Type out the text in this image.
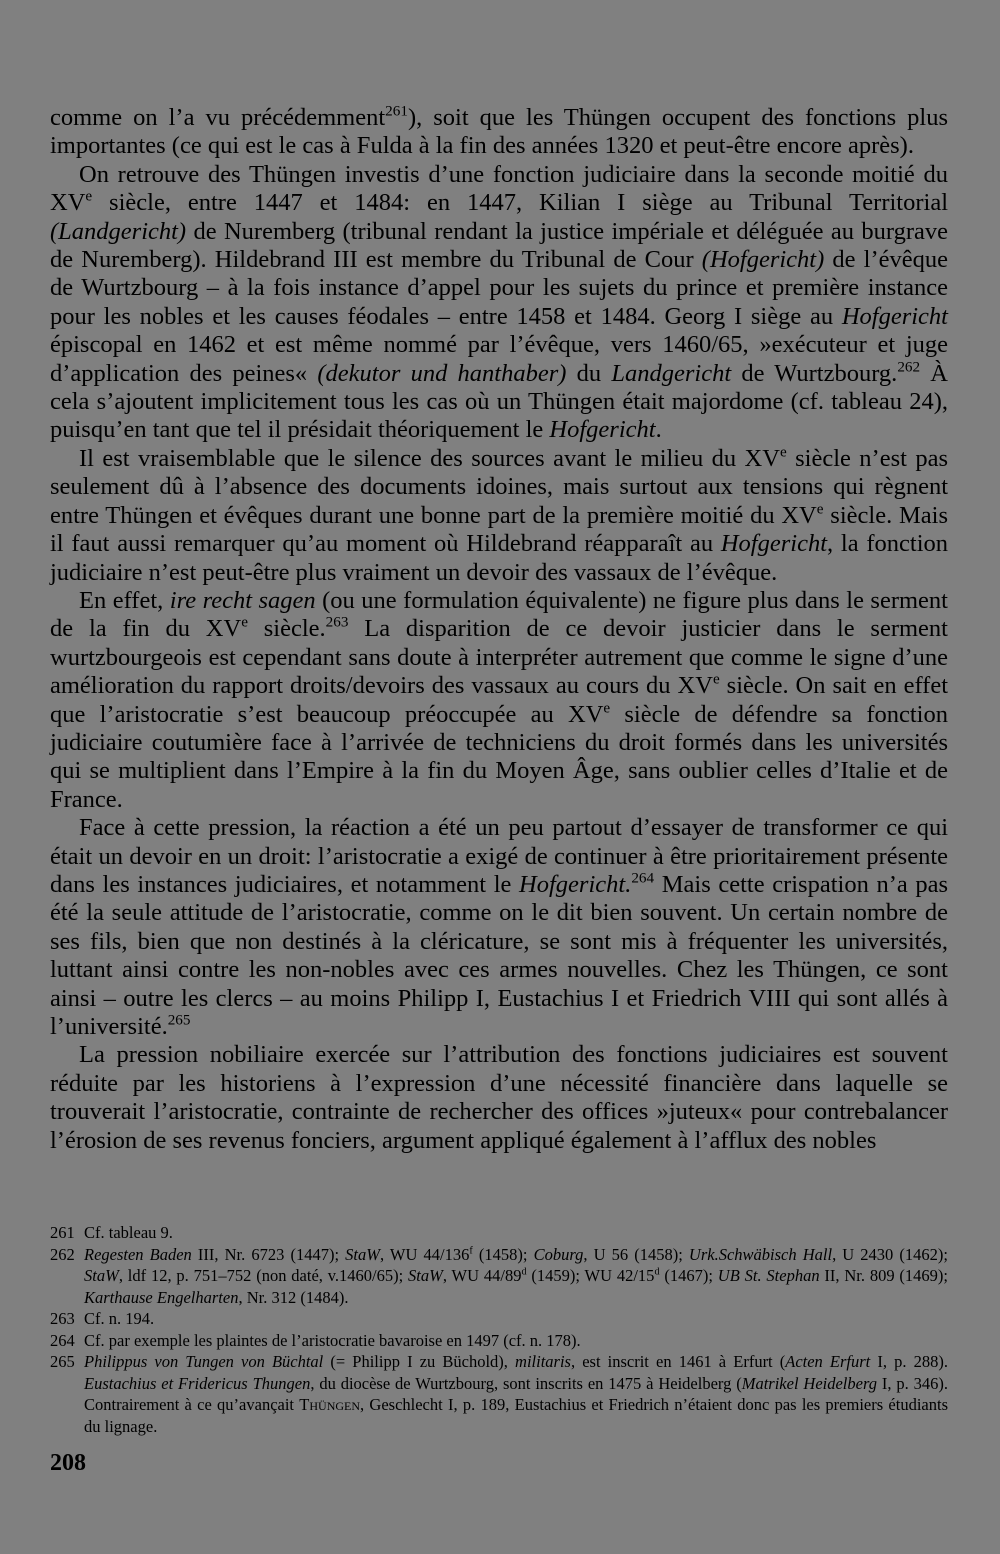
comme on l’a vu précédemment$^{261}$), soit que les Thüngen occupent des fonctions plus importantes (ce qui est le cas à Fulda à la fin des années 1320 et peut-être encore après).

On retrouve des Thüngen investis d’une fonction judiciaire dans la seconde moitié du XVe siècle, entre 1447 et 1484: en 1447, Kilian I siège au Tribunal Territorial (Landgericht) de Nuremberg (tribunal rendant la justice impériale et déléguée au burgrave de Nuremberg). Hildebrand III est membre du Tribunal de Cour (Hofgericht) de l’évêque de Wurtzbourg – à la fois instance d’appel pour les sujets du prince et première instance pour les nobles et les causes féodales – entre 1458 et 1484. Georg I siège au Hofgericht épiscopal en 1462 et est même nommé par l’évêque, vers 1460/65, »exécuteur et juge d’application des peines« (dekutor und hanthaber) du Landgericht de Wurtzbourg.$^{262}$ À cela s’ajoutent implicitement tous les cas où un Thüngen était majordome (cf. tableau 24), puisqu’en tant que tel il présidait théoriquement le Hofgericht.

Il est vraisemblable que le silence des sources avant le milieu du XVe siècle n’est pas seulement dû à l’absence des documents idoines, mais surtout aux tensions qui règnent entre Thüngen et évêques durant une bonne part de la première moitié du XVe siècle. Mais il faut aussi remarquer qu’au moment où Hildebrand réapparaît au Hofgericht, la fonction judiciaire n’est peut-être plus vraiment un devoir des vassaux de l’évêque.

En effet, ire recht sagen (ou une formulation équivalente) ne figure plus dans le serment de la fin du XVe siècle.$^{263}$ La disparition de ce devoir justicier dans le serment wurtzbourgeois est cependant sans doute à interpréter autrement que comme le signe d’une amélioration du rapport droits/devoirs des vassaux au cours du XVe siècle. On sait en effet que l’aristocratie s’est beaucoup préoccupée au XVe siècle de défendre sa fonction judiciaire coutumière face à l’arrivée de techniciens du droit formés dans les universités qui se multiplient dans l’Empire à la fin du Moyen Âge, sans oublier celles d’Italie et de France.

Face à cette pression, la réaction a été un peu partout d’essayer de transformer ce qui était un devoir en un droit: l’aristocratie a exigé de continuer à être prioritairement présente dans les instances judiciaires, et notamment le Hofgericht.$^{264}$ Mais cette crispation n’a pas été la seule attitude de l’aristocratie, comme on le dit bien souvent. Un certain nombre de ses fils, bien que non destinés à la cléricature, se sont mis à fréquenter les universités, luttant ainsi contre les non-nobles avec ces armes nouvelles. Chez les Thüngen, ce sont ainsi – outre les clercs – au moins Philipp I, Eustachius I et Friedrich VIII qui sont allés à l’université.$^{265}$

La pression nobiliaire exercée sur l’attribution des fonctions judiciaires est souvent réduite par les historiens à l’expression d’une nécessité financière dans laquelle se trouverait l’aristocratie, contrainte de rechercher des offices »juteux« pour contrebalancer l’érosion de ses revenus fonciers, argument appliqué également à l’afflux des nobles

261 Cf. tableau 9.
262 Regesten Baden III, Nr. 6723 (1447); StaW, WU 44/136$^f$ (1458); Coburg, U 56 (1458); Urk.Schwäbisch Hall, U 2430 (1462); StaW, ldf 12, p. 751–752 (non daté, v.1460/65); StaW, WU 44/89$^d$ (1459); WU 42/15$^d$ (1467); UB St. Stephan II, Nr. 809 (1469); Karthause Engelharten, Nr. 312 (1484).
263 Cf. n. 194.
264 Cf. par exemple les plaintes de l’aristocratie bavaroise en 1497 (cf. n. 178).
265 Philippus von Tungen von Büchtal (= Philipp I zu Büchold), militaris, est inscrit en 1461 à Erfurt (Acten Erfurt I, p. 288). Eustachius et Fridericus Thungen, du diocèse de Wurtzbourg, sont inscrits en 1475 à Heidelberg (Matrikel Heidelberg I, p. 346). Contrairement à ce qu’avançait Thüngen, Geschlecht I, p. 189, Eustachius et Friedrich n’étaient donc pas les premiers étudiants du lignage.
208
